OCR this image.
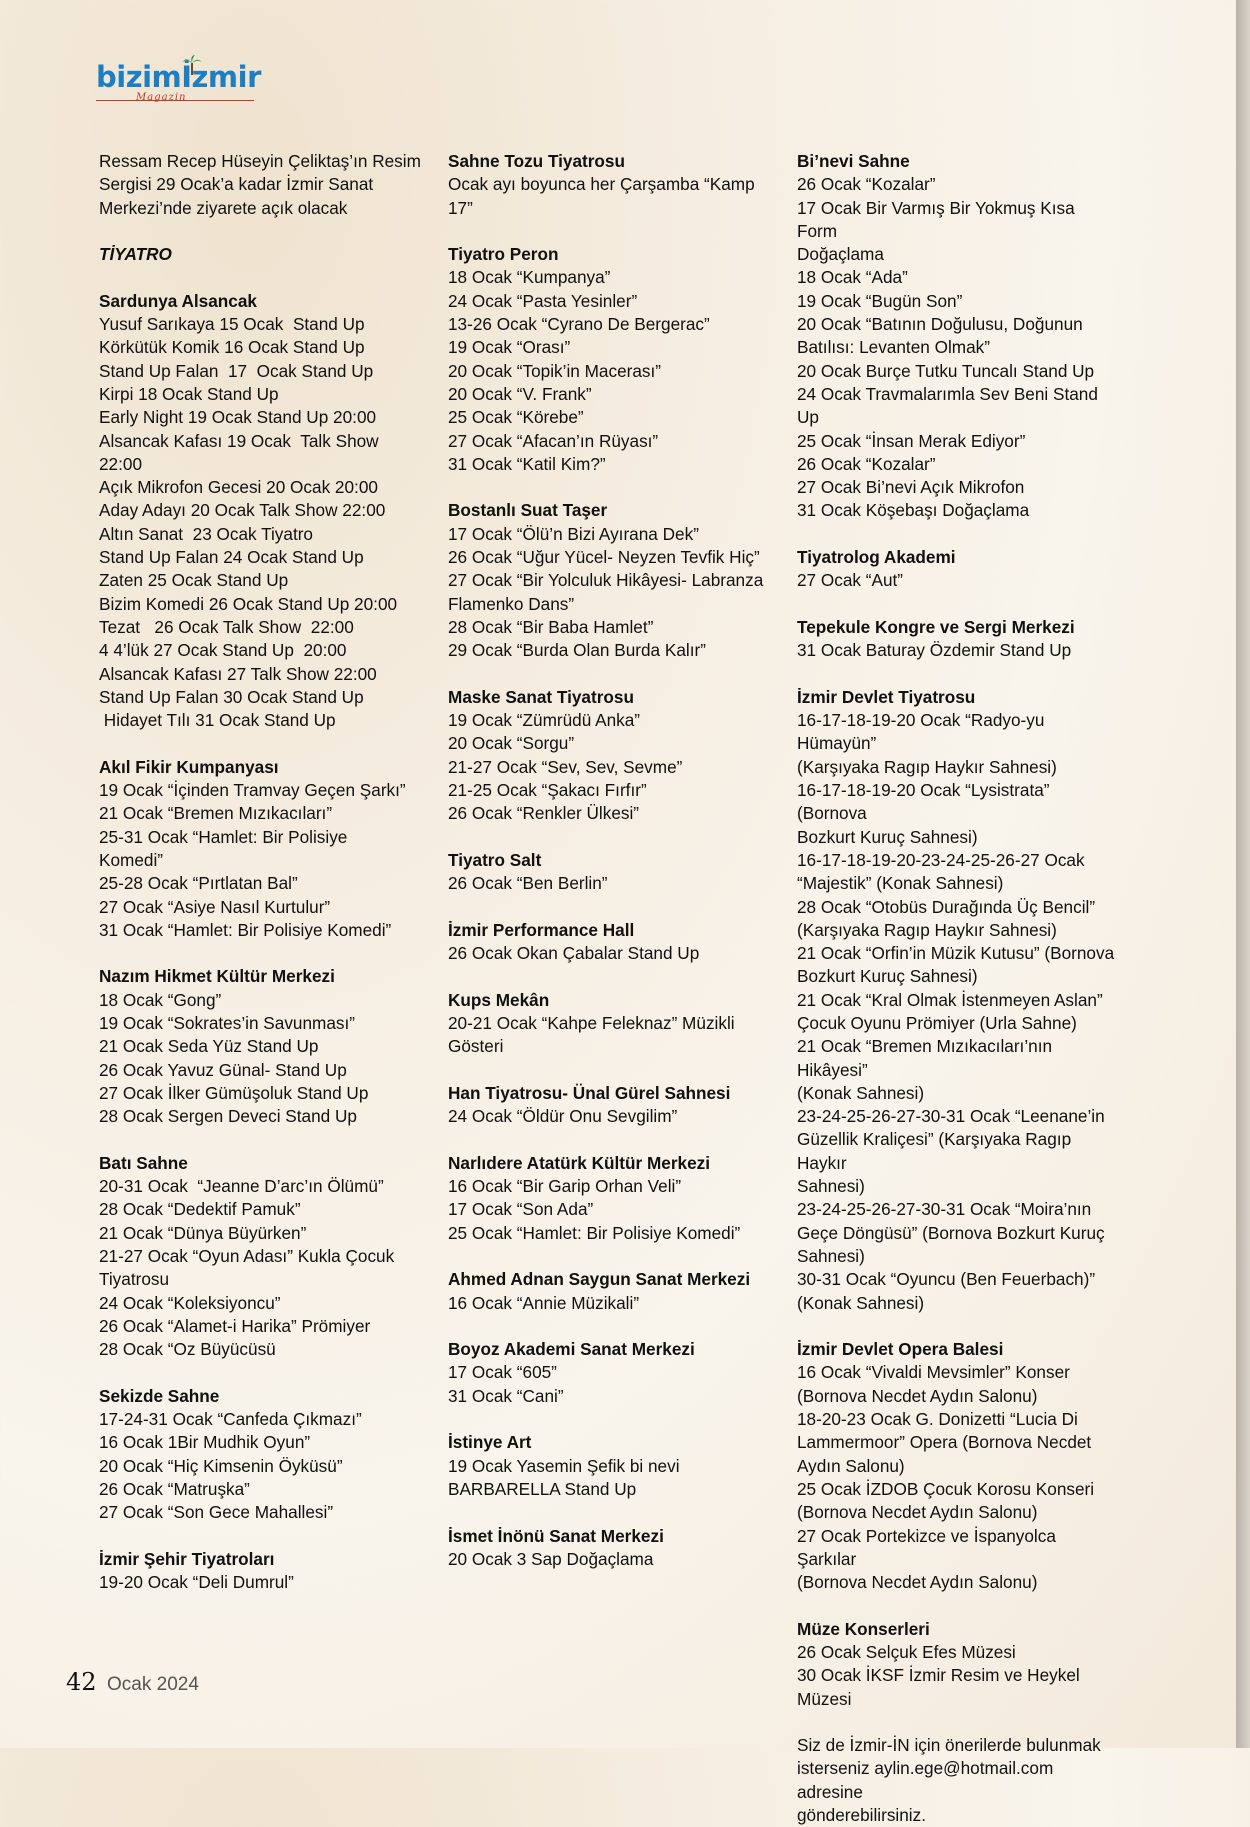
bizimİzmir
Magazin
Ressam Recep Hüseyin Çeliktaş’ın Resim
Sergisi 29 Ocak’a kadar İzmir Sanat
Merkezi’nde ziyarete açık olacak
TİYATRO
Sardunya Alsancak
Yusuf Sarıkaya 15 Ocak  Stand Up
Körkütük Komik 16 Ocak Stand Up
Stand Up Falan  17  Ocak Stand Up
Kirpi 18 Ocak Stand Up
Early Night 19 Ocak Stand Up 20:00
Alsancak Kafası 19 Ocak  Talk Show
22:00
Açık Mikrofon Gecesi 20 Ocak 20:00
Aday Adayı 20 Ocak Talk Show 22:00
Altın Sanat  23 Ocak Tiyatro
Stand Up Falan 24 Ocak Stand Up
Zaten 25 Ocak Stand Up
Bizim Komedi 26 Ocak Stand Up 20:00
Tezat   26 Ocak Talk Show  22:00
4 4’lük 27 Ocak Stand Up  20:00
Alsancak Kafası 27 Talk Show 22:00
Stand Up Falan 30 Ocak Stand Up
Hidayet Tılı 31 Ocak Stand Up
Akıl Fikir Kumpanyası
19 Ocak “İçinden Tramvay Geçen Şarkı”
21 Ocak “Bremen Mızıkacıları”
25-31 Ocak “Hamlet: Bir Polisiye
Komedi”
25-28 Ocak “Pırtlatan Bal”
27 Ocak “Asiye Nasıl Kurtulur”
31 Ocak “Hamlet: Bir Polisiye Komedi”
Nazım Hikmet Kültür Merkezi
18 Ocak “Gong”
19 Ocak “Sokrates’in Savunması”
21 Ocak Seda Yüz Stand Up
26 Ocak Yavuz Günal- Stand Up
27 Ocak İlker Gümüşoluk Stand Up
28 Ocak Sergen Deveci Stand Up
Batı Sahne
20-31 Ocak  “Jeanne D’arc’ın Ölümü”
28 Ocak “Dedektif Pamuk”
21 Ocak “Dünya Büyürken”
21-27 Ocak “Oyun Adası” Kukla Çocuk
Tiyatrosu
24 Ocak “Koleksiyoncu”
26 Ocak “Alamet-i Harika” Prömiyer
28 Ocak “Oz Büyücüsü
Sekizde Sahne
17-24-31 Ocak “Canfeda Çıkmazı”
16 Ocak 1Bir Mudhik Oyun”
20 Ocak “Hiç Kimsenin Öyküsü”
26 Ocak “Matruşka”
27 Ocak “Son Gece Mahallesi”
İzmir Şehir Tiyatroları
19-20 Ocak “Deli Dumrul”
Sahne Tozu Tiyatrosu
Ocak ayı boyunca her Çarşamba “Kamp
17”
Tiyatro Peron
18 Ocak “Kumpanya”
24 Ocak “Pasta Yesinler”
13-26 Ocak “Cyrano De Bergerac”
19 Ocak “Orası”
20 Ocak “Topik’in Macerası”
20 Ocak “V. Frank”
25 Ocak “Körebe”
27 Ocak “Afacan’ın Rüyası”
31 Ocak “Katil Kim?”
Bostanlı Suat Taşer
17 Ocak “Ölü’n Bizi Ayırana Dek”
26 Ocak “Uğur Yücel- Neyzen Tevfik Hiç”
27 Ocak “Bir Yolculuk Hikâyesi- Labranza
Flamenko Dans”
28 Ocak “Bir Baba Hamlet”
29 Ocak “Burda Olan Burda Kalır”
Maske Sanat Tiyatrosu
19 Ocak “Zümrüdü Anka”
20 Ocak “Sorgu”
21-27 Ocak “Sev, Sev, Sevme”
21-25 Ocak “Şakacı Fırfır”
26 Ocak “Renkler Ülkesi”
Tiyatro Salt
26 Ocak “Ben Berlin”
İzmir Performance Hall
26 Ocak Okan Çabalar Stand Up
Kups Mekân
20-21 Ocak “Kahpe Feleknaz” Müzikli
Gösteri
Han Tiyatrosu- Ünal Gürel Sahnesi
24 Ocak “Öldür Onu Sevgilim”
Narlıdere Atatürk Kültür Merkezi
16 Ocak “Bir Garip Orhan Veli”
17 Ocak “Son Ada”
25 Ocak “Hamlet: Bir Polisiye Komedi”
Ahmed Adnan Saygun Sanat Merkezi
16 Ocak “Annie Müzikali”
Boyoz Akademi Sanat Merkezi
17 Ocak “605”
31 Ocak “Cani”
İstinye Art
19 Ocak Yasemin Şefik bi nevi
BARBARELLA Stand Up
İsmet İnönü Sanat Merkezi
20 Ocak 3 Sap Doğaçlama
Bi’nevi Sahne
26 Ocak “Kozalar”
17 Ocak Bir Varmış Bir Yokmuş Kısa Form
Doğaçlama
18 Ocak “Ada”
19 Ocak “Bugün Son”
20 Ocak “Batının Doğulusu, Doğunun
Batılısı: Levanten Olmak”
20 Ocak Burçe Tutku Tuncalı Stand Up
24 Ocak Travmalarımla Sev Beni Stand Up
25 Ocak “İnsan Merak Ediyor”
26 Ocak “Kozalar”
27 Ocak Bi’nevi Açık Mikrofon
31 Ocak Köşebaşı Doğaçlama
Tiyatrolog Akademi
27 Ocak “Aut”
Tepekule Kongre ve Sergi Merkezi
31 Ocak Baturay Özdemir Stand Up
İzmir Devlet Tiyatrosu
16-17-18-19-20 Ocak “Radyo-yu Hümayün”
(Karşıyaka Ragıp Haykır Sahnesi)
16-17-18-19-20 Ocak “Lysistrata” (Bornova
Bozkurt Kuruç Sahnesi)
16-17-18-19-20-23-24-25-26-27 Ocak
“Majestik” (Konak Sahnesi)
28 Ocak “Otobüs Durağında Üç Bencil”
(Karşıyaka Ragıp Haykır Sahnesi)
21 Ocak “Orfin’in Müzik Kutusu” (Bornova
Bozkurt Kuruç Sahnesi)
21 Ocak “Kral Olmak İstenmeyen Aslan”
Çocuk Oyunu Prömiyer (Urla Sahne)
21 Ocak “Bremen Mızıkacıları’nın Hikâyesi”
(Konak Sahnesi)
23-24-25-26-27-30-31 Ocak “Leenane’in
Güzellik Kraliçesi” (Karşıyaka Ragıp Haykır
Sahnesi)
23-24-25-26-27-30-31 Ocak “Moira’nın
Geçe Döngüsü” (Bornova Bozkurt Kuruç
Sahnesi)
30-31 Ocak “Oyuncu (Ben Feuerbach)”
(Konak Sahnesi)
İzmir Devlet Opera Balesi
16 Ocak “Vivaldi Mevsimler” Konser
(Bornova Necdet Aydın Salonu)
18-20-23 Ocak G. Donizetti “Lucia Di
Lammermoor” Opera (Bornova Necdet
Aydın Salonu)
25 Ocak İZDOB Çocuk Korosu Konseri
(Bornova Necdet Aydın Salonu)
27 Ocak Portekizce ve İspanyolca Şarkılar
(Bornova Necdet Aydın Salonu)
Müze Konserleri
26 Ocak Selçuk Efes Müzesi
30 Ocak İKSF İzmir Resim ve Heykel
Müzesi
Siz de İzmir-İN için önerilerde bulunmak
isterseniz aylin.ege@hotmail.com adresine
gönderebilirsiniz.
42 Ocak 2024
